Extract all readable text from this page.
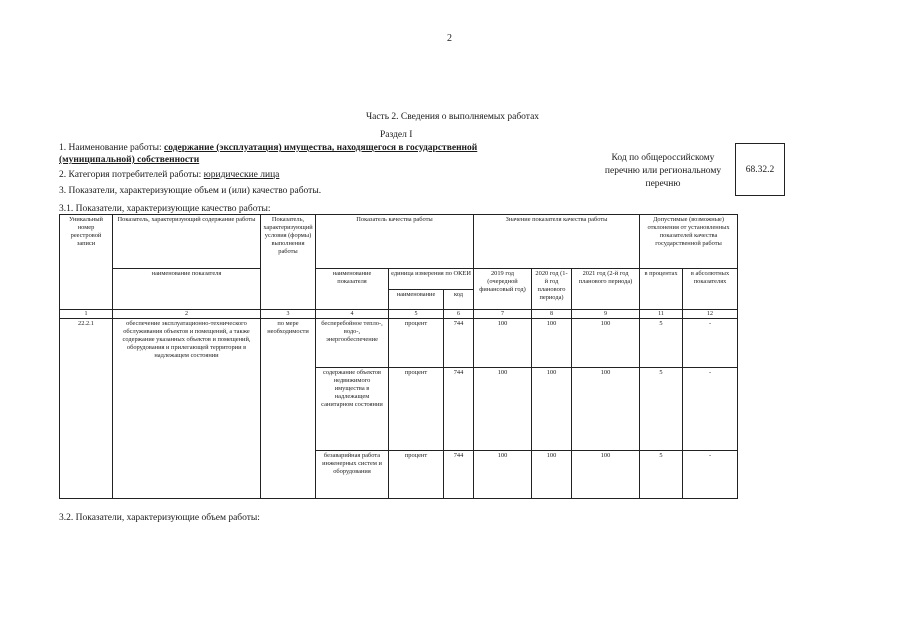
2
Часть 2. Сведения о выполняемых работах
Раздел I
1. Наименование работы: содержание (эксплуатация) имущества, находящегося в государственной
(муниципальной) собственности
2. Категория потребителей работы: юридические лица
3. Показатели, характеризующие объем и (или) качество работы.
Код по общероссийскому перечню или региональному перечню
68.32.2
3.1. Показатели, характеризующие качество работы:
Уникальный номер реестровой записи	Показатель, характеризующий содержание работы	Показатель, характеризующий условия (формы) выполнения работы	Показатель качества работы			Значение показателя качества работы			Допустимые (возможные) отклонения от установленных показателей качества государственной работы	
	наименование показателя		наименование показателя	единица измерения по ОКЕИ		2019 год (очередной финансовый год)	2020 год (1-й год планового периода)	2021 год (2-й год планового периода)	в процентах	в абсолютных показателях
				наименование	код					
1	2	3	4	5	6	7	8	9	11	12
22.2.1	обеспечение эксплуатационно-технического обслуживания объектов и помещений, а также содержание указанных объектов и помещений, оборудования и прилегающей территории в надлежащем состоянии	по мере необходимости	бесперебойное тепло-, водо-, энергообеспечение	процент	744	100	100	100	5	-
			содержание объектов недвижимого имущества в надлежащем санитарном состоянии	процент	744	100	100	100	5	-
			безаварийная работа инженерных систем и оборудования	процент	744	100	100	100	5	-
3.2. Показатели, характеризующие объем работы:
